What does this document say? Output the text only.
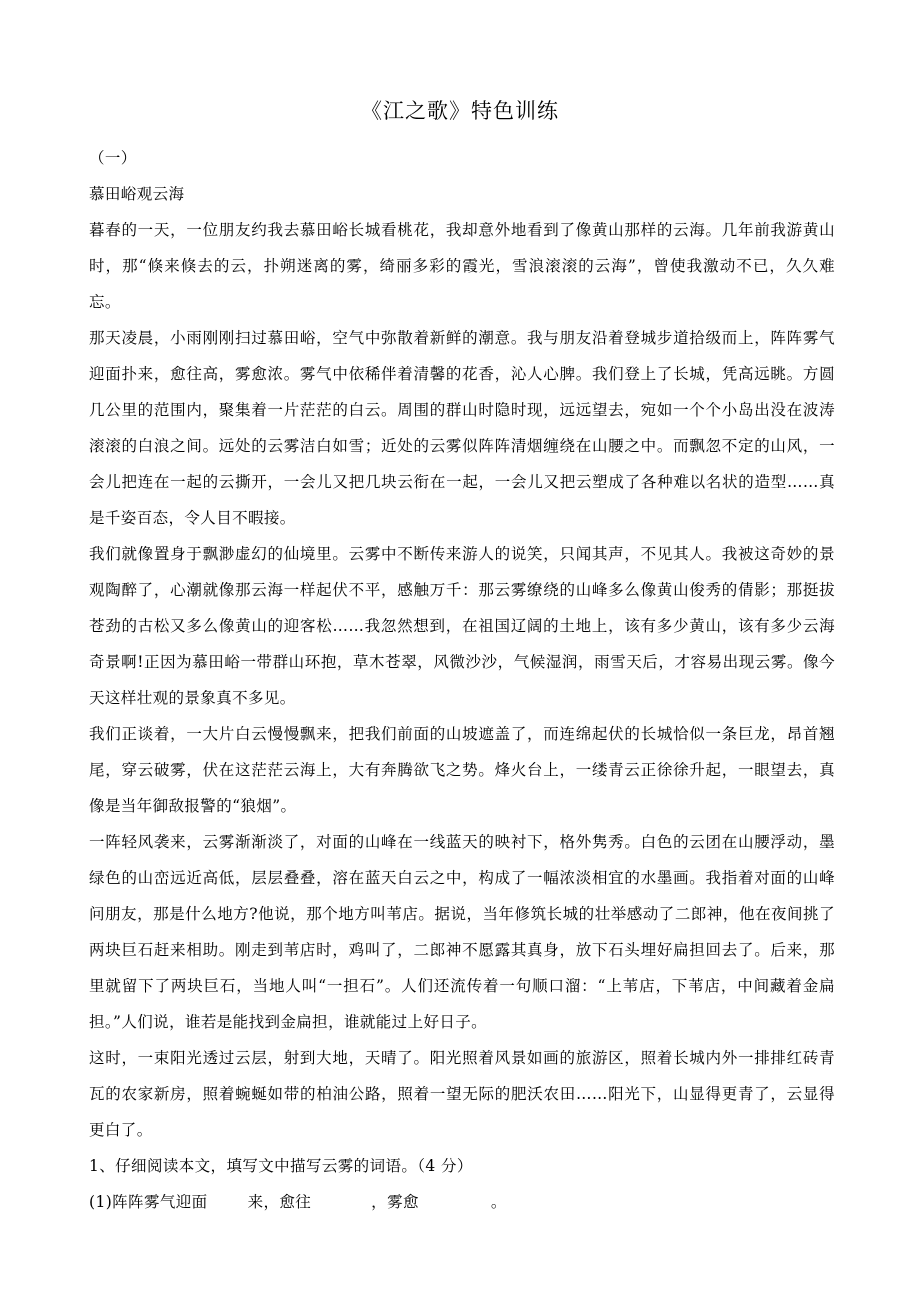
《江之歌》特色训练

（一）

慕田峪观云海

暮春的一天，一位朋友约我去慕田峪长城看桃花，我却意外地看到了像黄山那样的云海。几年前我游黄山时，那“倏来倏去的云，扑朔迷离的雾，绮丽多彩的霞光，雪浪滚滚的云海”，曾使我激动不已，久久难忘。

那天凌晨，小雨刚刚扫过慕田峪，空气中弥散着新鲜的潮意。我与朋友沿着登城步道拾级而上，阵阵雾气迎面扑来，愈往高，雾愈浓。雾气中依稀伴着清馨的花香，沁人心脾。我们登上了长城，凭高远眺。方圆几公里的范围内，聚集着一片茫茫的白云。周围的群山时隐时现，远远望去，宛如一个个小岛出没在波涛滚滚的白浪之间。远处的云雾洁白如雪；近处的云雾似阵阵清烟缠绕在山腰之中。而飘忽不定的山风，一会儿把连在一起的云撕开，一会儿又把几块云衔在一起，一会儿又把云塑成了各种难以名状的造型……真是千姿百态，令人目不暇接。

我们就像置身于飘渺虚幻的仙境里。云雾中不断传来游人的说笑，只闻其声，不见其人。我被这奇妙的景观陶醉了，心潮就像那云海一样起伏不平，感触万千：那云雾缭绕的山峰多么像黄山俊秀的倩影；那挺拔苍劲的古松又多么像黄山的迎客松……我忽然想到，在祖国辽阔的土地上，该有多少黄山，该有多少云海奇景啊!正因为慕田峪一带群山环抱，草木苍翠，风微沙沙，气候湿润，雨雪天后，才容易出现云雾。像今天这样壮观的景象真不多见。

我们正谈着，一大片白云慢慢飘来，把我们前面的山坡遮盖了，而连绵起伏的长城恰似一条巨龙，昂首翘尾，穿云破雾，伏在这茫茫云海上，大有奔腾欲飞之势。烽火台上，一缕青云正徐徐升起，一眼望去，真像是当年御敌报警的“狼烟”。

一阵轻风袭来，云雾渐渐淡了，对面的山峰在一线蓝天的映衬下，格外隽秀。白色的云团在山腰浮动，墨绿色的山峦远近高低，层层叠叠，溶在蓝天白云之中，构成了一幅浓淡相宜的水墨画。我指着对面的山峰问朋友，那是什么地方?他说，那个地方叫苇店。据说，当年修筑长城的壮举感动了二郎神，他在夜间挑了两块巨石赶来相助。刚走到苇店时，鸡叫了，二郎神不愿露其真身，放下石头埋好扁担回去了。后来，那里就留下了两块巨石，当地人叫“一担石”。人们还流传着一句顺口溜：“上苇店，下苇店，中间藏着金扁担。”人们说，谁若是能找到金扁担，谁就能过上好日子。

这时，一束阳光透过云层，射到大地，天晴了。阳光照着风景如画的旅游区，照着长城内外一排排红砖青瓦的农家新房，照着蜿蜒如带的柏油公路，照着一望无际的肥沃农田……阳光下，山显得更青了，云显得更白了。

1、仔细阅读本文，填写文中描写云雾的词语。（4 分）

(1)阵阵雾气迎面	来，愈往	，雾愈	。
